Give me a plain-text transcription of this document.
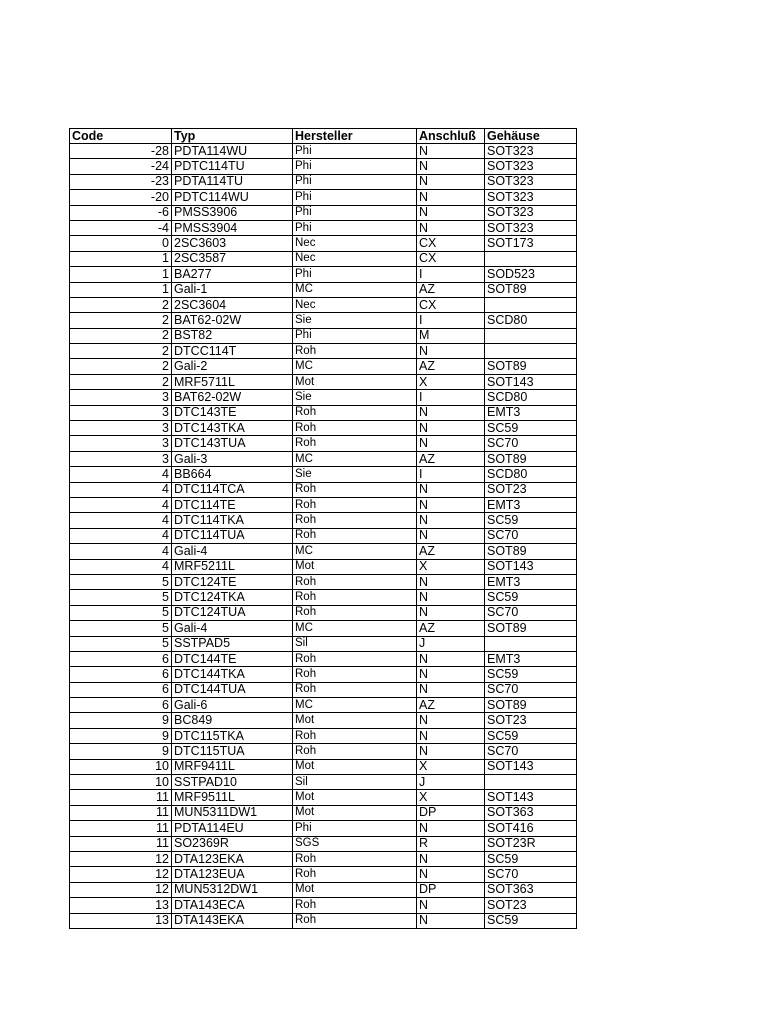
Code	Typ	Hersteller	Anschluß	Gehäuse
-28	PDTA114WU	Phi	N	SOT323
-24	PDTC114TU	Phi	N	SOT323
-23	PDTA114TU	Phi	N	SOT323
-20	PDTC114WU	Phi	N	SOT323
-6	PMSS3906	Phi	N	SOT323
-4	PMSS3904	Phi	N	SOT323
0	2SC3603	Nec	CX	SOT173
1	2SC3587	Nec	CX	
1	BA277	Phi	I	SOD523
1	Gali-1	MC	AZ	SOT89
2	2SC3604	Nec	CX	
2	BAT62-02W	Sie	I	SCD80
2	BST82	Phi	M	
2	DTCC114T	Roh	N	
2	Gali-2	MC	AZ	SOT89
2	MRF5711L	Mot	X	SOT143
3	BAT62-02W	Sie	I	SCD80
3	DTC143TE	Roh	N	EMT3
3	DTC143TKA	Roh	N	SC59
3	DTC143TUA	Roh	N	SC70
3	Gali-3	MC	AZ	SOT89
4	BB664	Sie	I	SCD80
4	DTC114TCA	Roh	N	SOT23
4	DTC114TE	Roh	N	EMT3
4	DTC114TKA	Roh	N	SC59
4	DTC114TUA	Roh	N	SC70
4	Gali-4	MC	AZ	SOT89
4	MRF5211L	Mot	X	SOT143
5	DTC124TE	Roh	N	EMT3
5	DTC124TKA	Roh	N	SC59
5	DTC124TUA	Roh	N	SC70
5	Gali-4	MC	AZ	SOT89
5	SSTPAD5	Sil	J	
6	DTC144TE	Roh	N	EMT3
6	DTC144TKA	Roh	N	SC59
6	DTC144TUA	Roh	N	SC70
6	Gali-6	MC	AZ	SOT89
9	BC849	Mot	N	SOT23
9	DTC115TKA	Roh	N	SC59
9	DTC115TUA	Roh	N	SC70
10	MRF9411L	Mot	X	SOT143
10	SSTPAD10	Sil	J	
11	MRF9511L	Mot	X	SOT143
11	MUN5311DW1	Mot	DP	SOT363
11	PDTA114EU	Phi	N	SOT416
11	SO2369R	SGS	R	SOT23R
12	DTA123EKA	Roh	N	SC59
12	DTA123EUA	Roh	N	SC70
12	MUN5312DW1	Mot	DP	SOT363
13	DTA143ECA	Roh	N	SOT23
13	DTA143EKA	Roh	N	SC59
